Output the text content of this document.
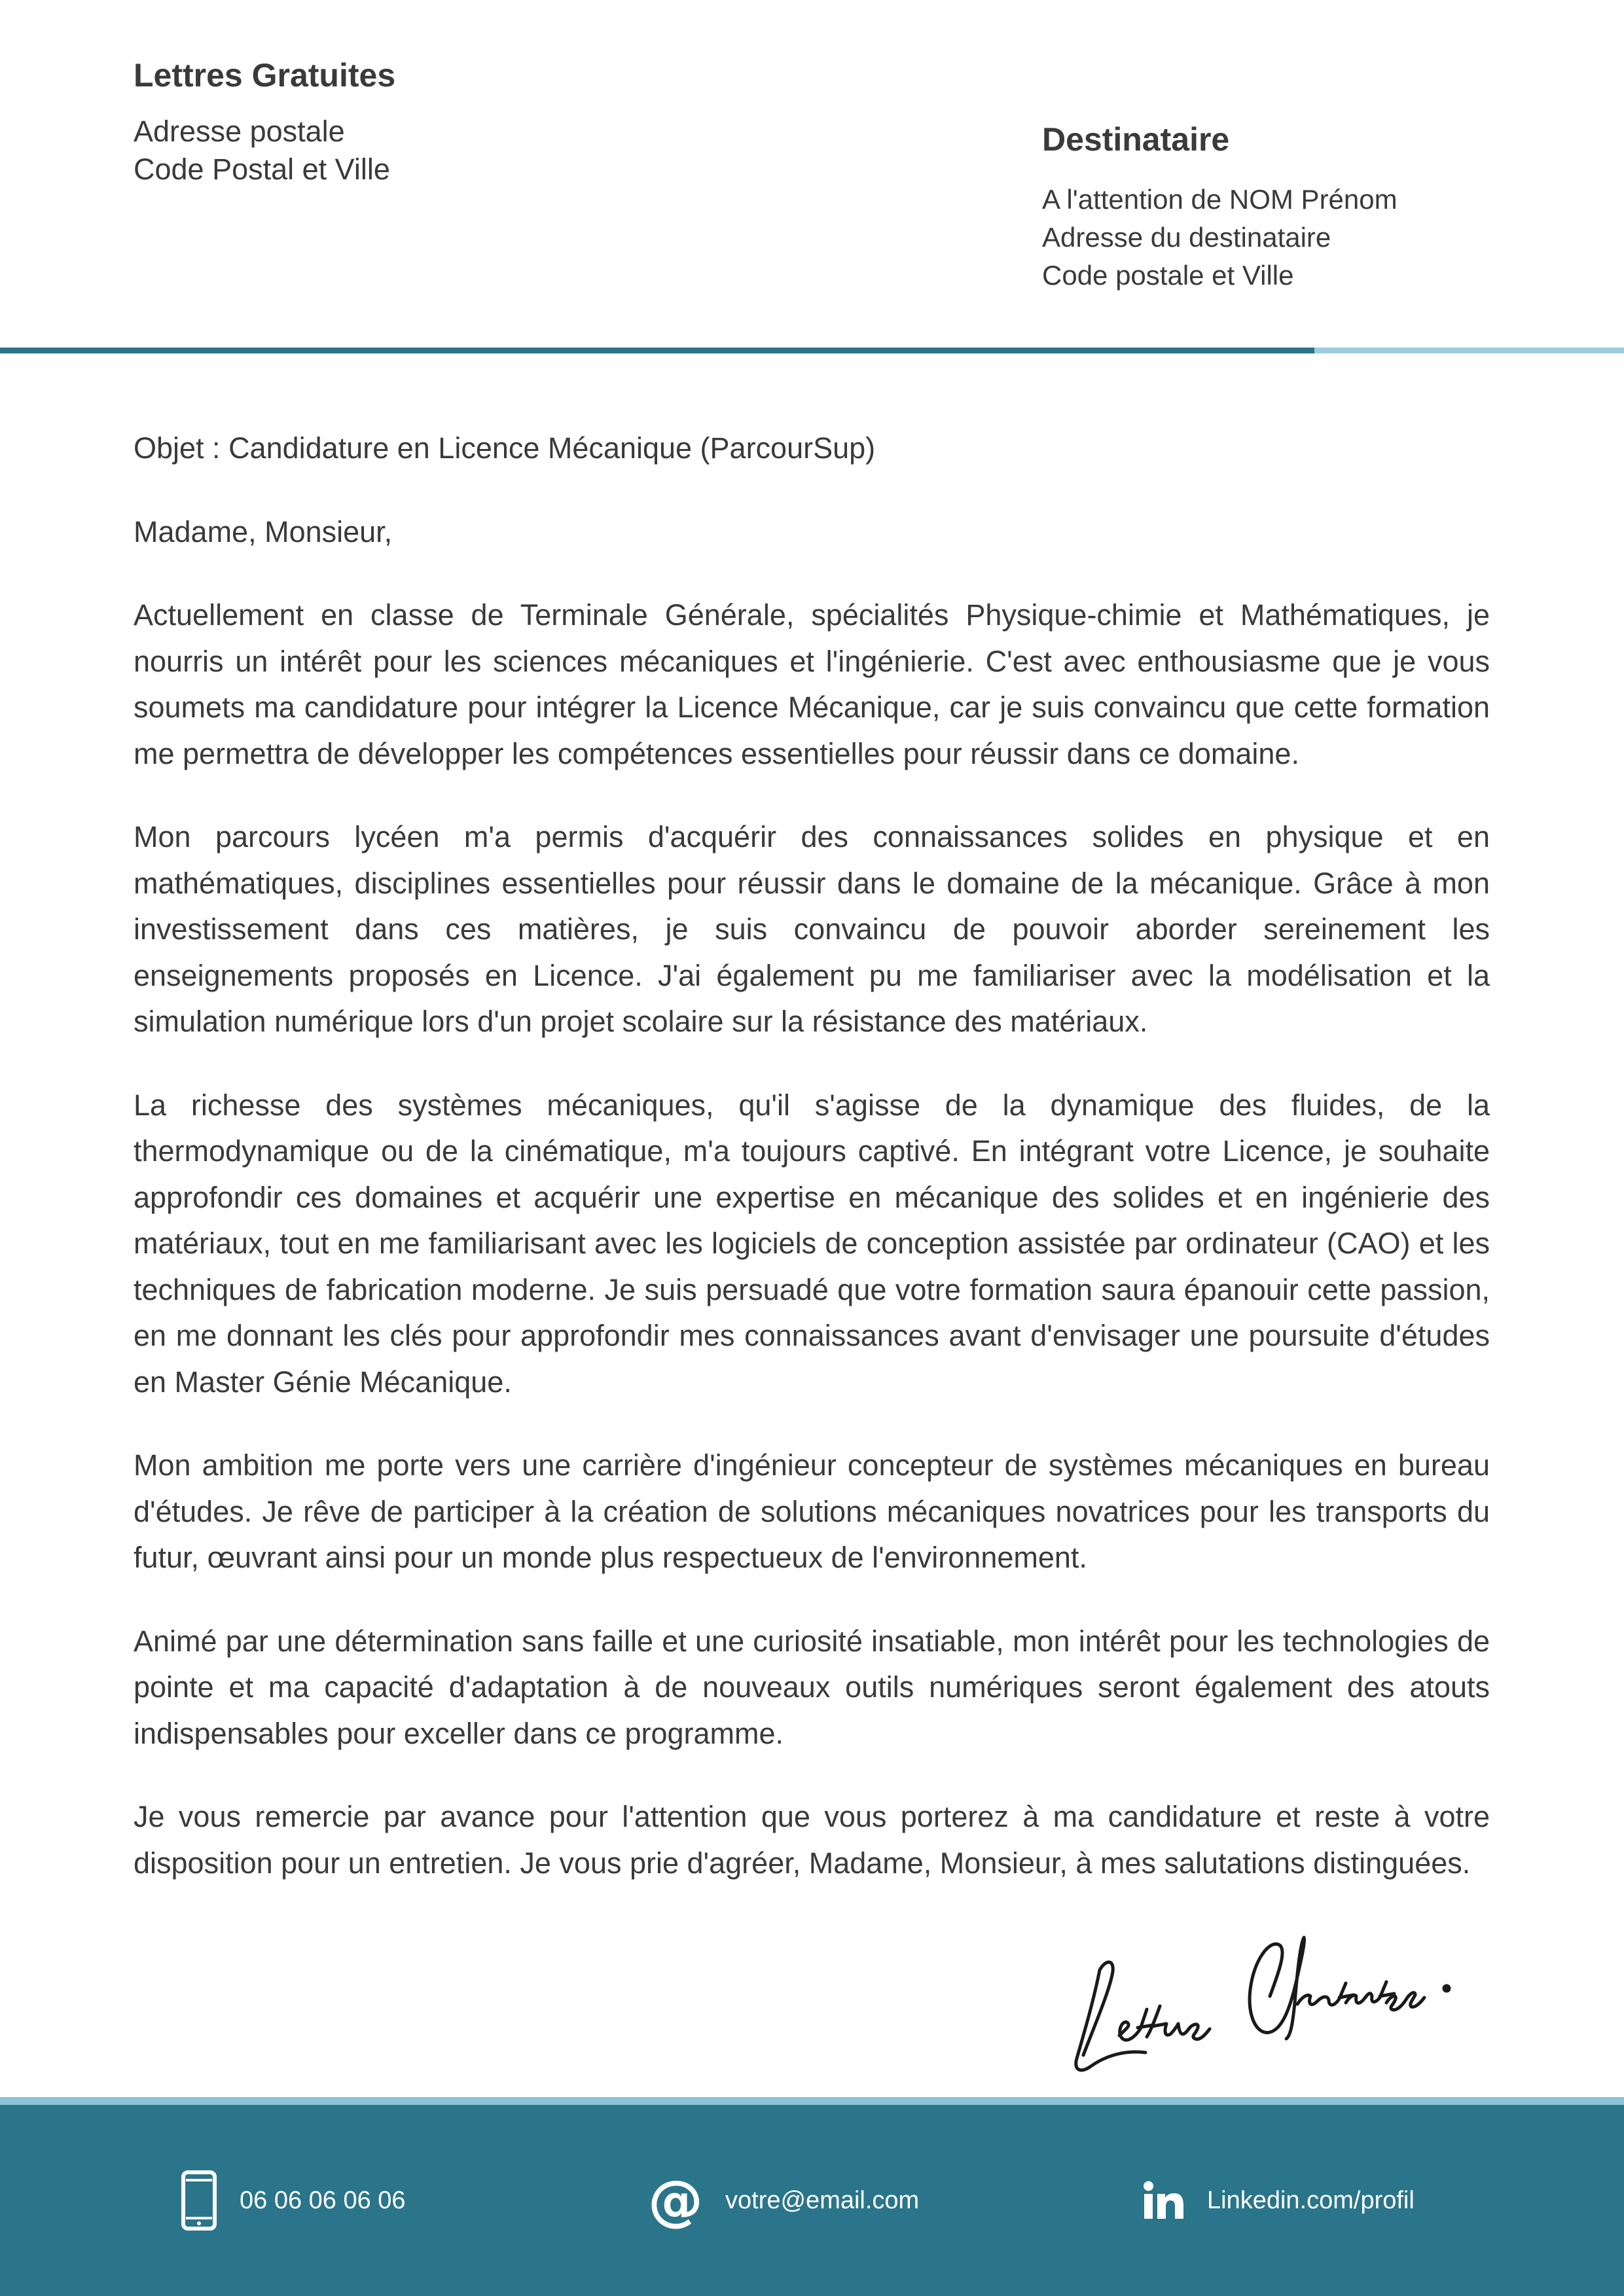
Lettres Gratuites
Adresse postale
Code Postal et Ville
Destinataire
A l'attention de NOM Prénom
Adresse du destinataire
Code postale et Ville

Objet : Candidature en Licence Mécanique (ParcourSup)

Madame, Monsieur,

Actuellement en classe de Terminale Générale, spécialités Physique-chimie et Mathématiques, je nourris un intérêt pour les sciences mécaniques et l'ingénierie. C'est avec enthousiasme que je vous soumets ma candidature pour intégrer la Licence Mécanique, car je suis convaincu que cette formation me permettra de développer les compétences essentielles pour réussir dans ce domaine.

Mon parcours lycéen m'a permis d'acquérir des connaissances solides en physique et en mathématiques, disciplines essentielles pour réussir dans le domaine de la mécanique. Grâce à mon investissement dans ces matières, je suis convaincu de pouvoir aborder sereinement les enseignements proposés en Licence. J'ai également pu me familiariser avec la modélisation et la simulation numérique lors d'un projet scolaire sur la résistance des matériaux.

La richesse des systèmes mécaniques, qu'il s'agisse de la dynamique des fluides, de la thermodynamique ou de la cinématique, m'a toujours captivé. En intégrant votre Licence, je souhaite approfondir ces domaines et acquérir une expertise en mécanique des solides et en ingénierie des matériaux, tout en me familiarisant avec les logiciels de conception assistée par ordinateur (CAO) et les techniques de fabrication moderne. Je suis persuadé que votre formation saura épanouir cette passion, en me donnant les clés pour approfondir mes connaissances avant d'envisager une poursuite d'études en Master Génie Mécanique.

Mon ambition me porte vers une carrière d'ingénieur concepteur de systèmes mécaniques en bureau d'études. Je rêve de participer à la création de solutions mécaniques novatrices pour les transports du futur, œuvrant ainsi pour un monde plus respectueux de l'environnement.

Animé par une détermination sans faille et une curiosité insatiable, mon intérêt pour les technologies de pointe et ma capacité d'adaptation à de nouveaux outils numériques seront également des atouts indispensables pour exceller dans ce programme.

Je vous remercie par avance pour l'attention que vous porterez à ma candidature et reste à votre disposition pour un entretien. Je vous prie d'agréer, Madame, Monsieur, à mes salutations distinguées.

06 06 06 06 06	@ votre@email.com	Linkedin.com/profil
